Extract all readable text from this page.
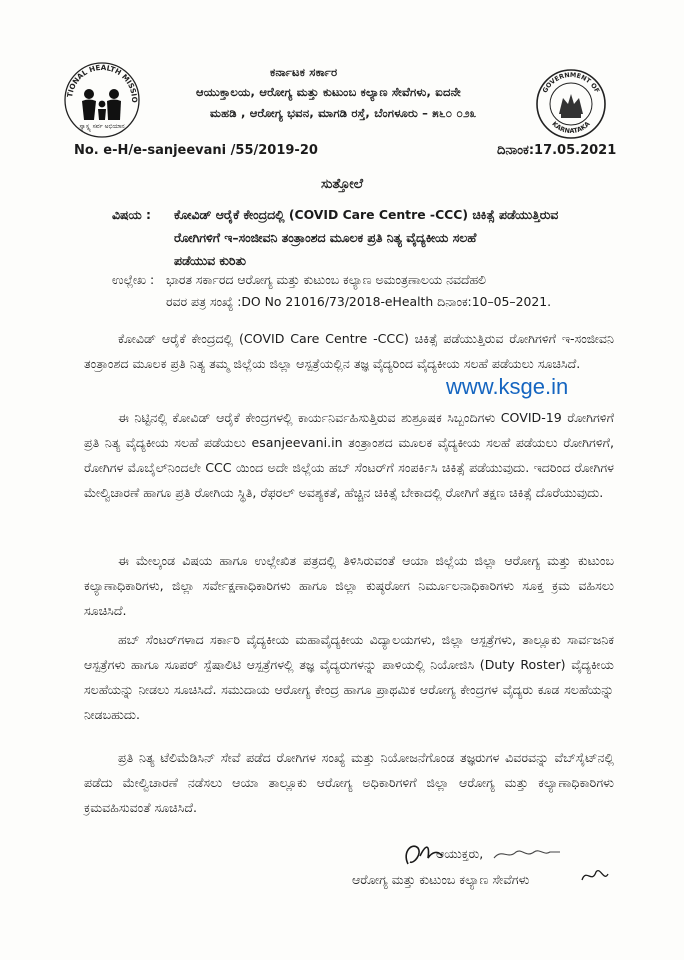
TIONAL HEALTH MISSIO
ಸ್ವಾಸ್ಥ್ಯ ಸರ್ವ ಅಭಿಯಾನ
ಕರ್ನಾಟಕ ಸರ್ಕಾರ
ಆಯುಕ್ತಾಲಯ, ಆರೋಗ್ಯ ಮತ್ತು ಕುಟುಂಬ ಕಲ್ಯಾಣ ಸೇವೆಗಳು, ಐದನೇ
ಮಹಡಿ , ಆರೋಗ್ಯ ಭವನ, ಮಾಗಡಿ ರಸ್ತೆ, ಬೆಂಗಳೂರು – ೫೬೦ ೦೨೩
GOVERNMENT OF
KARNATAKA
No. e-H/e-sanjeevani /55/2019-20	ದಿನಾಂಕ:17.05.2021
ಸುತ್ತೋಲೆ
ವಿಷಯ : ಕೋವಿಡ್ ಆರೈಕೆ ಕೇಂದ್ರದಲ್ಲಿ (COVID Care Centre -CCC) ಚಿಕಿತ್ಸೆ ಪಡೆಯುತ್ತಿರುವ
ರೋಗಿಗಳಿಗೆ ಇ–ಸಂಜೀವನಿ ತಂತ್ರಾಂಶದ ಮೂಲಕ ಪ್ರತಿ ನಿತ್ಯ ವೈದ್ಯಕೀಯ ಸಲಹೆ
ಪಡೆಯುವ ಕುರಿತು
ಉಲ್ಲೇಖ : ಭಾರತ ಸರ್ಕಾರದ ಆರೋಗ್ಯ ಮತ್ತು ಕುಟುಂಬ ಕಲ್ಯಾಣ ಅಮಂತ್ರಣಾಲಯ ನವದೆಹಲಿ
ರವರ ಪತ್ರ ಸಂಖ್ಯೆ :DO No 21016/73/2018-eHealth ದಿನಾಂಕ:10–05–2021.
ಕೋವಿಡ್ ಆರೈಕೆ ಕೇಂದ್ರದಲ್ಲಿ (COVID Care Centre -CCC) ಚಿಕಿತ್ಸೆ ಪಡೆಯುತ್ತಿರುವ ರೋಗಿಗಳಿಗೆ ಇ-ಸಂಜೀವನಿ ತಂತ್ರಾಂಶದ ಮೂಲಕ ಪ್ರತಿ ನಿತ್ಯ ತಮ್ಮ ಜಿಲ್ಲೆಯ ಜಿಲ್ಲಾ ಆಸ್ಪತ್ರೆಯಲ್ಲಿನ ತಜ್ಞ ವೈದ್ಯರಿಂದ ವೈದ್ಯಕೀಯ ಸಲಹೆ ಪಡೆಯಲು ಸೂಚಿಸಿದೆ.
www.ksge.in
ಈ ನಿಟ್ಟಿನಲ್ಲಿ ಕೋವಿಡ್ ಆರೈಕೆ ಕೇಂದ್ರಗಳಲ್ಲಿ ಕಾರ್ಯನಿರ್ವಹಿಸುತ್ತಿರುವ ಶುಶ್ರೂಷಕ ಸಿಬ್ಬಂದಿಗಳು COVID-19 ರೋಗಿಗಳಿಗೆ ಪ್ರತಿ ನಿತ್ಯ ವೈದ್ಯಕೀಯ ಸಲಹೆ ಪಡೆಯಲು esanjeevani.in ತಂತ್ರಾಂಶದ ಮೂಲಕ ವೈದ್ಯಕೀಯ ಸಲಹೆ ಪಡೆಯಲು ರೋಗಿಗಳಿಗೆ, ರೋಗಿಗಳ ಮೊಬೈಲ್‌ನಿಂದಲೇ CCC ಯಿಂದ ಅದೇ ಜಿಲ್ಲೆಯ ಹಬ್ ಸೆಂಟರ್‌ಗೆ ಸಂಪರ್ಕಿಸಿ ಚಿಕಿತ್ಸೆ ಪಡೆಯುವುದು. ಇದರಿಂದ ರೋಗಿಗಳ ಮೇಲ್ವಿಚಾರಣೆ ಹಾಗೂ ಪ್ರತಿ ರೋಗಿಯ ಸ್ಥಿತಿ, ರೆಫರಲ್ ಅವಶ್ಯಕತೆ, ಹೆಚ್ಚಿನ ಚಿಕಿತ್ಸೆ ಬೇಕಾದಲ್ಲಿ ರೋಗಿಗೆ ತಕ್ಷಣ ಚಿಕಿತ್ಸೆ ದೊರೆಯುವುದು.
ಈ ಮೇಲ್ಕಂಡ ವಿಷಯ ಹಾಗೂ ಉಲ್ಲೇಖಿತ ಪತ್ರದಲ್ಲಿ ತಿಳಿಸಿರುವಂತೆ ಆಯಾ ಜಿಲ್ಲೆಯ ಜಿಲ್ಲಾ ಆರೋಗ್ಯ ಮತ್ತು ಕುಟುಂಬ ಕಲ್ಯಾಣಾಧಿಕಾರಿಗಳು, ಜಿಲ್ಲಾ ಸರ್ವೇಕ್ಷಣಾಧಿಕಾರಿಗಳು ಹಾಗೂ ಜಿಲ್ಲಾ ಕುಷ್ಠರೋಗ ನಿರ್ಮೂಲನಾಧಿಕಾರಿಗಳು ಸೂಕ್ತ ಕ್ರಮ ವಹಿಸಲು ಸೂಚಿಸಿದೆ.
ಹಬ್ ಸೆಂಟರ್‌ಗಳಾದ ಸರ್ಕಾರಿ ವೈದ್ಯಕೀಯ ಮಹಾವೈದ್ಯಕೀಯ ವಿದ್ಯಾಲಯಗಳು, ಜಿಲ್ಲಾ ಆಸ್ಪತ್ರೆಗಳು, ತಾಲ್ಲೂಕು ಸಾರ್ವಜನಿಕ ಆಸ್ಪತ್ರೆಗಳು ಹಾಗೂ ಸೂಪರ್ ಸ್ಪೆಷಾಲಿಟಿ ಆಸ್ಪತ್ರೆಗಳಲ್ಲಿ ತಜ್ಞ ವೈದ್ಯರುಗಳನ್ನು ಪಾಳಿಯಲ್ಲಿ ನಿಯೋಜಿಸಿ (Duty Roster) ವೈದ್ಯಕೀಯ ಸಲಹೆಯನ್ನು ನೀಡಲು ಸೂಚಿಸಿದೆ. ಸಮುದಾಯ ಆರೋಗ್ಯ ಕೇಂದ್ರ ಹಾಗೂ ಪ್ರಾಥಮಿಕ ಆರೋಗ್ಯ ಕೇಂದ್ರಗಳ ವೈದ್ಯರು ಕೂಡ ಸಲಹೆಯನ್ನು ನೀಡಬಹುದು.
ಪ್ರತಿ ನಿತ್ಯ ಟೆಲಿಮೆಡಿಸಿನ್ ಸೇವೆ ಪಡೆದ ರೋಗಿಗಳ ಸಂಖ್ಯೆ ಮತ್ತು ನಿಯೋಜನೆಗೊಂಡ ತಜ್ಞರುಗಳ ವಿವರವನ್ನು ವೆಬ್‌ಸೈಟ್‌ನಲ್ಲಿ ಪಡೆದು ಮೇಲ್ವಿಚಾರಣೆ ನಡೆಸಲು ಆಯಾ ತಾಲ್ಲೂಕು ಆರೋಗ್ಯ ಅಧಿಕಾರಿಗಳಿಗೆ ಜಿಲ್ಲಾ ಆರೋಗ್ಯ ಮತ್ತು ಕಲ್ಯಾಣಾಧಿಕಾರಿಗಳು ಕ್ರಮವಹಿಸುವಂತೆ ಸೂಚಿಸಿದೆ.
ಆಯುಕ್ತರು,
ಆರೋಗ್ಯ ಮತ್ತು ಕುಟುಂಬ ಕಲ್ಯಾಣ ಸೇವೆಗಳು
